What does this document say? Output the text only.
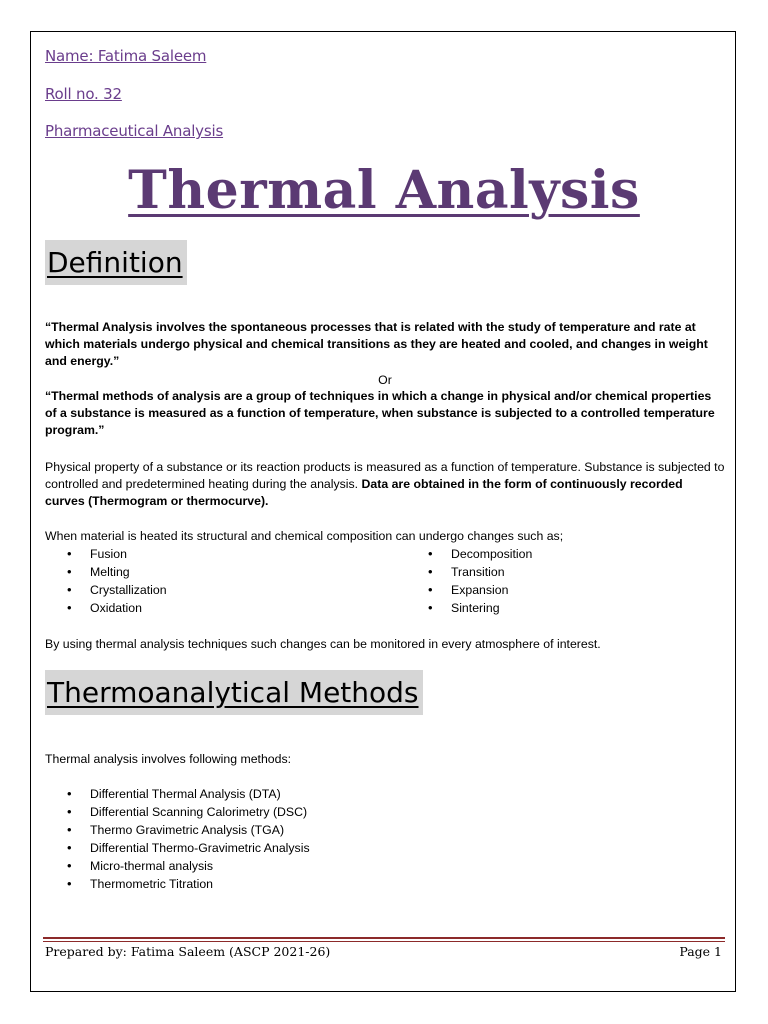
Name: Fatima Saleem
Roll no. 32
Pharmaceutical Analysis
Thermal Analysis
Definition
“Thermal Analysis involves the spontaneous processes that is related with the study of temperature and rate at which materials undergo physical and chemical transitions as they are heated and cooled, and changes in weight and energy.”
Or
“Thermal methods of analysis are a group of techniques in which a change in physical and/or chemical properties of a substance is measured as a function of temperature, when substance is subjected to a controlled temperature program.”
Physical property of a substance or its reaction products is measured as a function of temperature. Substance is subjected to controlled and predetermined heating during the analysis. Data are obtained in the form of continuously recorded curves (Thermogram or thermocurve).
When material is heated its structural and chemical composition can undergo changes such as;
• Fusion
• Melting
• Crystallization
• Oxidation
• Decomposition
• Transition
• Expansion
• Sintering
By using thermal analysis techniques such changes can be monitored in every atmosphere of interest.
Thermoanalytical Methods
Thermal analysis involves following methods:
• Differential Thermal Analysis (DTA)
• Differential Scanning Calorimetry (DSC)
• Thermo Gravimetric Analysis (TGA)
• Differential Thermo-Gravimetric Analysis
• Micro-thermal analysis
• Thermometric Titration
Prepared by: Fatima Saleem (ASCP 2021-26)	Page 1
